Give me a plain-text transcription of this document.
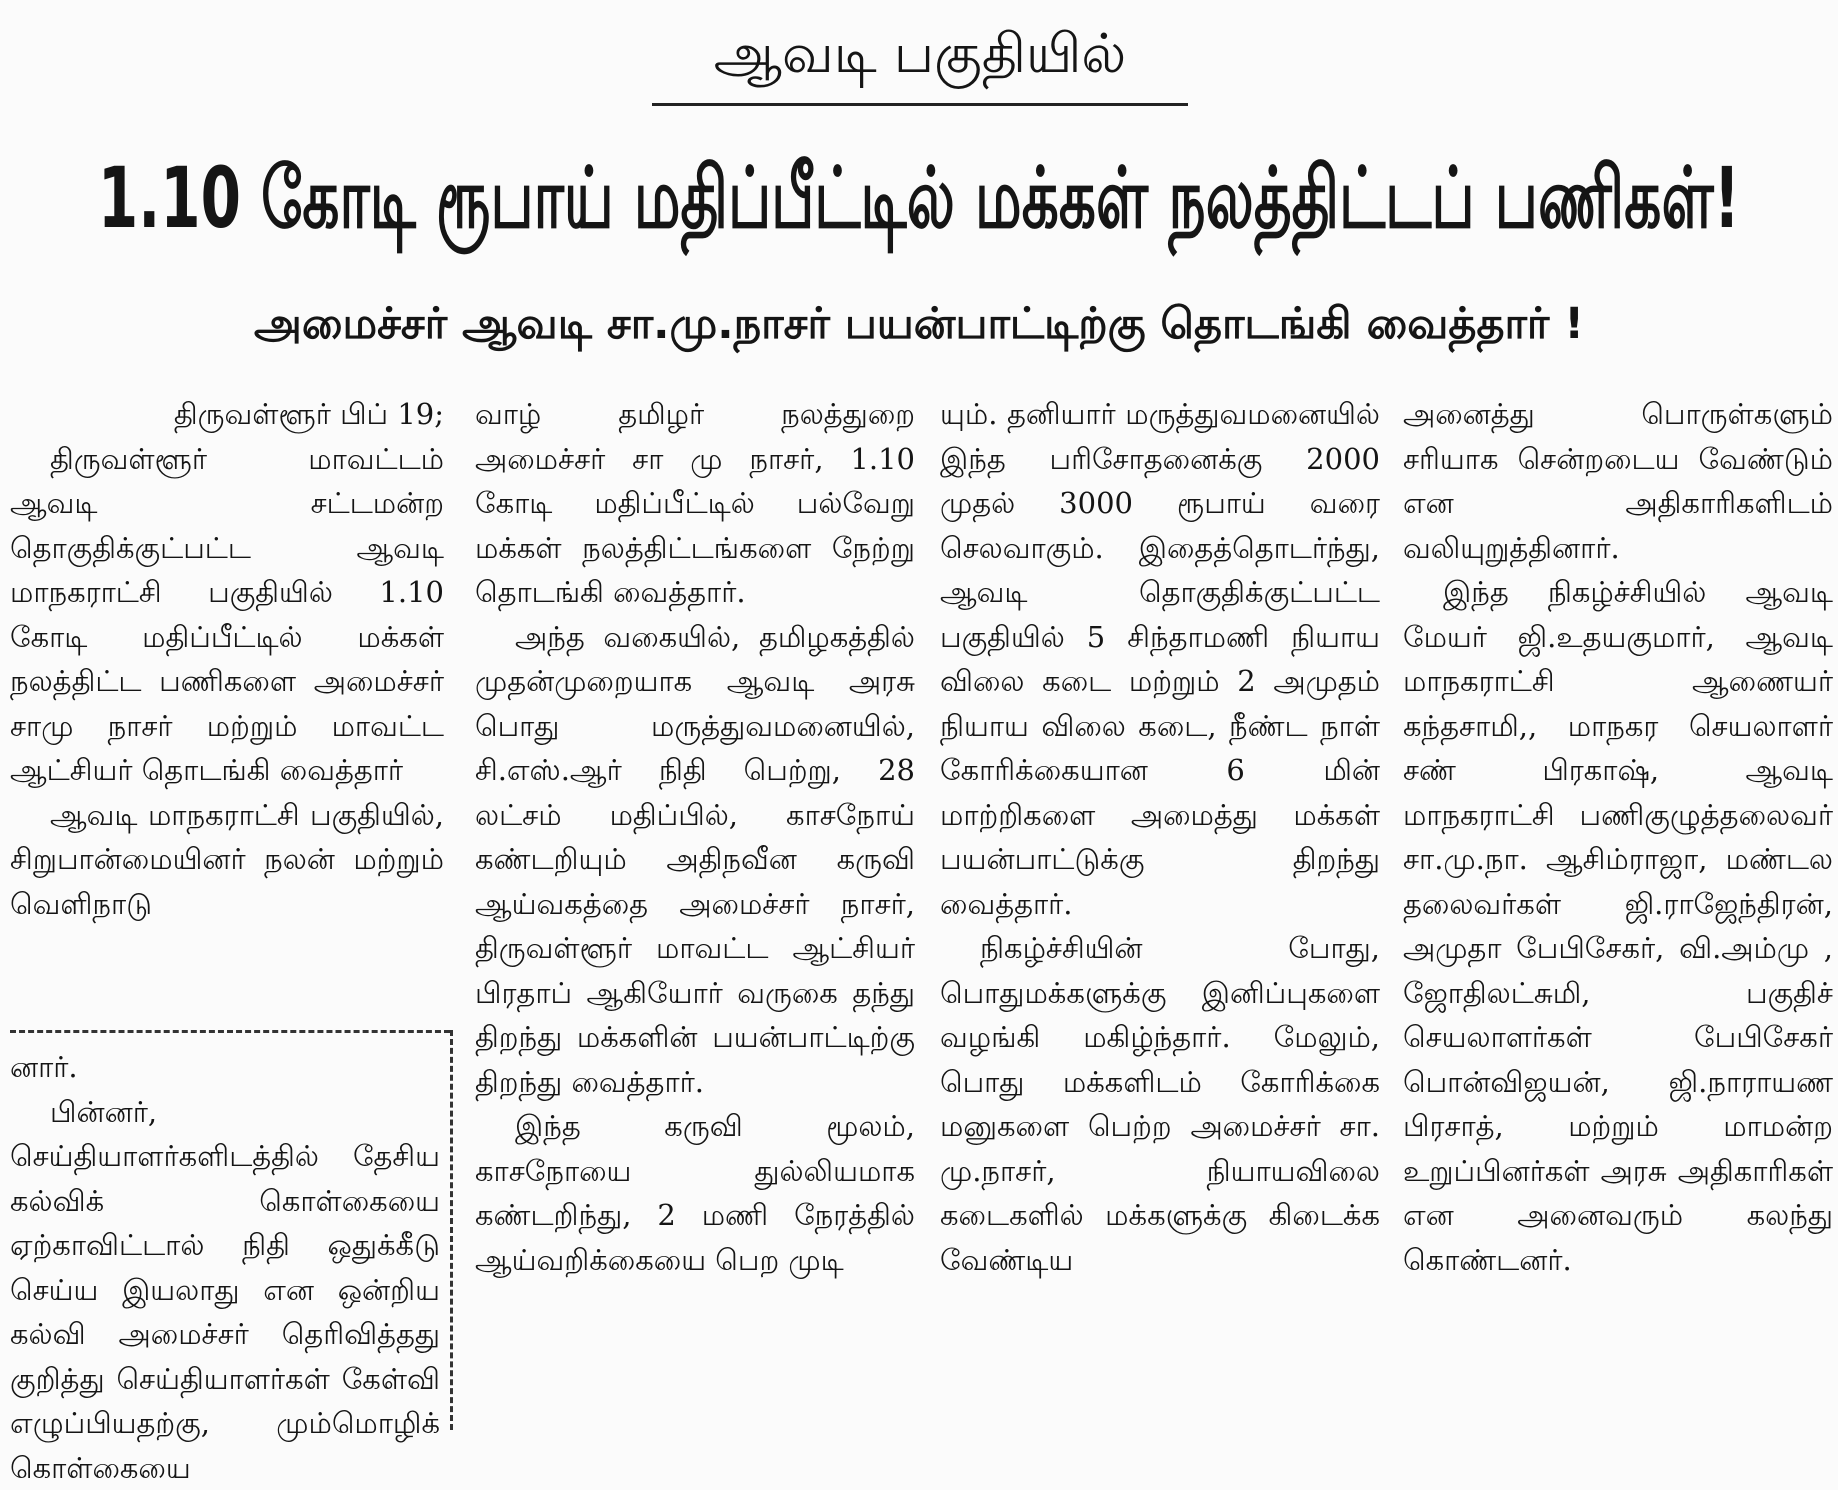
ஆவடி பகுதியில்
1.10 கோடி ரூபாய் மதிப்பீட்டில் மக்கள் நலத்திட்டப் பணிகள்!
அமைச்சர் ஆவடி சா.மு.நாசர் பயன்பாட்டிற்கு தொடங்கி வைத்தார் !

திருவள்ளூர் பிப் 19;

திருவள்ளூர் மாவட்டம் ஆவடி சட்டமன்ற தொகுதிக்குட்பட்ட ஆவடி மாநகராட்சி பகுதியில் 1.10 கோடி மதிப்பீட்டில் மக்கள் நலத்திட்ட பணிகளை அமைச்சர் சாமு நாசர் மற்றும் மாவட்ட ஆட்சியர் தொடங்கி வைத்தார்

ஆவடி மாநகராட்சி பகுதியில், சிறுபான்மையினர் நலன் மற்றும் வெளிநாடு

னார்.

பின்னர், செய்தியாளர்களிடத்தில் தேசிய கல்விக் கொள்கையை ஏற்காவிட்டால் நிதி ஒதுக்கீடு செய்ய இயலாது என ஒன்றிய கல்வி அமைச்சர் தெரிவித்தது குறித்து செய்தியாளர்கள் கேள்வி எழுப்பியதற்கு, மும்மொழிக் கொள்கையை

வாழ் தமிழர் நலத்துறை அமைச்சர் சா மு நாசர், 1.10 கோடி மதிப்பீட்டில் பல்வேறு மக்கள் நலத்திட்டங்களை நேற்று தொடங்கி வைத்தார்.

அந்த வகையில், தமிழகத்தில் முதன்முறையாக ஆவடி அரசு பொது மருத்துவமனையில், சி.எஸ்.ஆர் நிதி பெற்று, 28 லட்சம் மதிப்பில், காசநோய் கண்டறியும் அதிநவீன கருவி ஆய்வகத்தை அமைச்சர் நாசர், திருவள்ளூர் மாவட்ட ஆட்சியர் பிரதாப் ஆகியோர் வருகை தந்து திறந்து மக்களின் பயன்பாட்டிற்கு திறந்து வைத்தார்.

இந்த கருவி மூலம், காசநோயை துல்லியமாக கண்டறிந்து, 2 மணி நேரத்தில் ஆய்வறிக்கையை பெற முடி

யும். தனியார் மருத்துவமனையில் இந்த பரிசோதனைக்கு 2000 முதல் 3000 ரூபாய் வரை செலவாகும். இதைத்தொடர்ந்து, ஆவடி தொகுதிக்குட்பட்ட பகுதியில் 5 சிந்தாமணி நியாய விலை கடை மற்றும் 2 அமுதம் நியாய விலை கடை, நீண்ட நாள் கோரிக்கையான 6 மின் மாற்றிகளை அமைத்து மக்கள் பயன்பாட்டுக்கு திறந்து வைத்தார்.

நிகழ்ச்சியின் போது, பொதுமக்களுக்கு இனிப்புகளை வழங்கி மகிழ்ந்தார். மேலும், பொது மக்களிடம் கோரிக்கை மனுகளை பெற்ற அமைச்சர் சா. மு.நாசர், நியாயவிலை கடைகளில் மக்களுக்கு கிடைக்க வேண்டிய

அனைத்து பொருள்களும் சரியாக சென்றடைய வேண்டும் என அதிகாரிகளிடம் வலியுறுத்தினார்.

இந்த நிகழ்ச்சியில் ஆவடி மேயர் ஜி.உதயகுமார், ஆவடி மாநகராட்சி ஆணையர் கந்தசாமி,, மாநகர செயலாளர் சண் பிரகாஷ், ஆவடி மாநகராட்சி பணிகுழுத்தலைவர் சா.மு.நா. ஆசிம்ராஜா, மண்டல தலைவர்கள் ஜி.ராஜேந்திரன், அமுதா பேபிசேகர், வி.அம்மு , ஜோதிலட்சுமி, பகுதிச் செயலாளர்கள் பேபிசேகர் பொன்விஜயன், ஜி.நாராயண பிரசாத், மற்றும் மாமன்ற உறுப்பினர்கள் அரசு அதிகாரிகள் என அனைவரும் கலந்து கொண்டனர்.
